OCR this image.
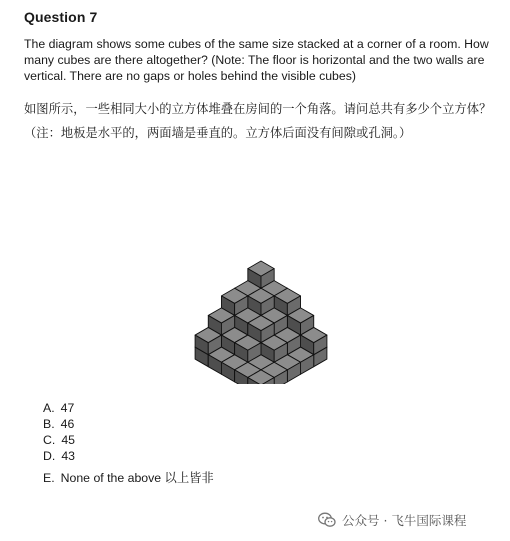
Question 7
The diagram shows some cubes of the same size stacked at a corner of a room. How many cubes are there altogether? (Note: The floor is horizontal and the two walls are vertical. There are no gaps or holes behind the visible cubes)
如图所示，一些相同大小的立方体堆叠在房间的一个角落。请问总共有多少个立方体？（注：地板是水平的，两面墙是垂直的。立方体后面没有间隙或孔洞。）
A. 47
B. 46
C. 45
D. 43
E. None of the above 以上皆非
公众号 · 飞牛国际课程
